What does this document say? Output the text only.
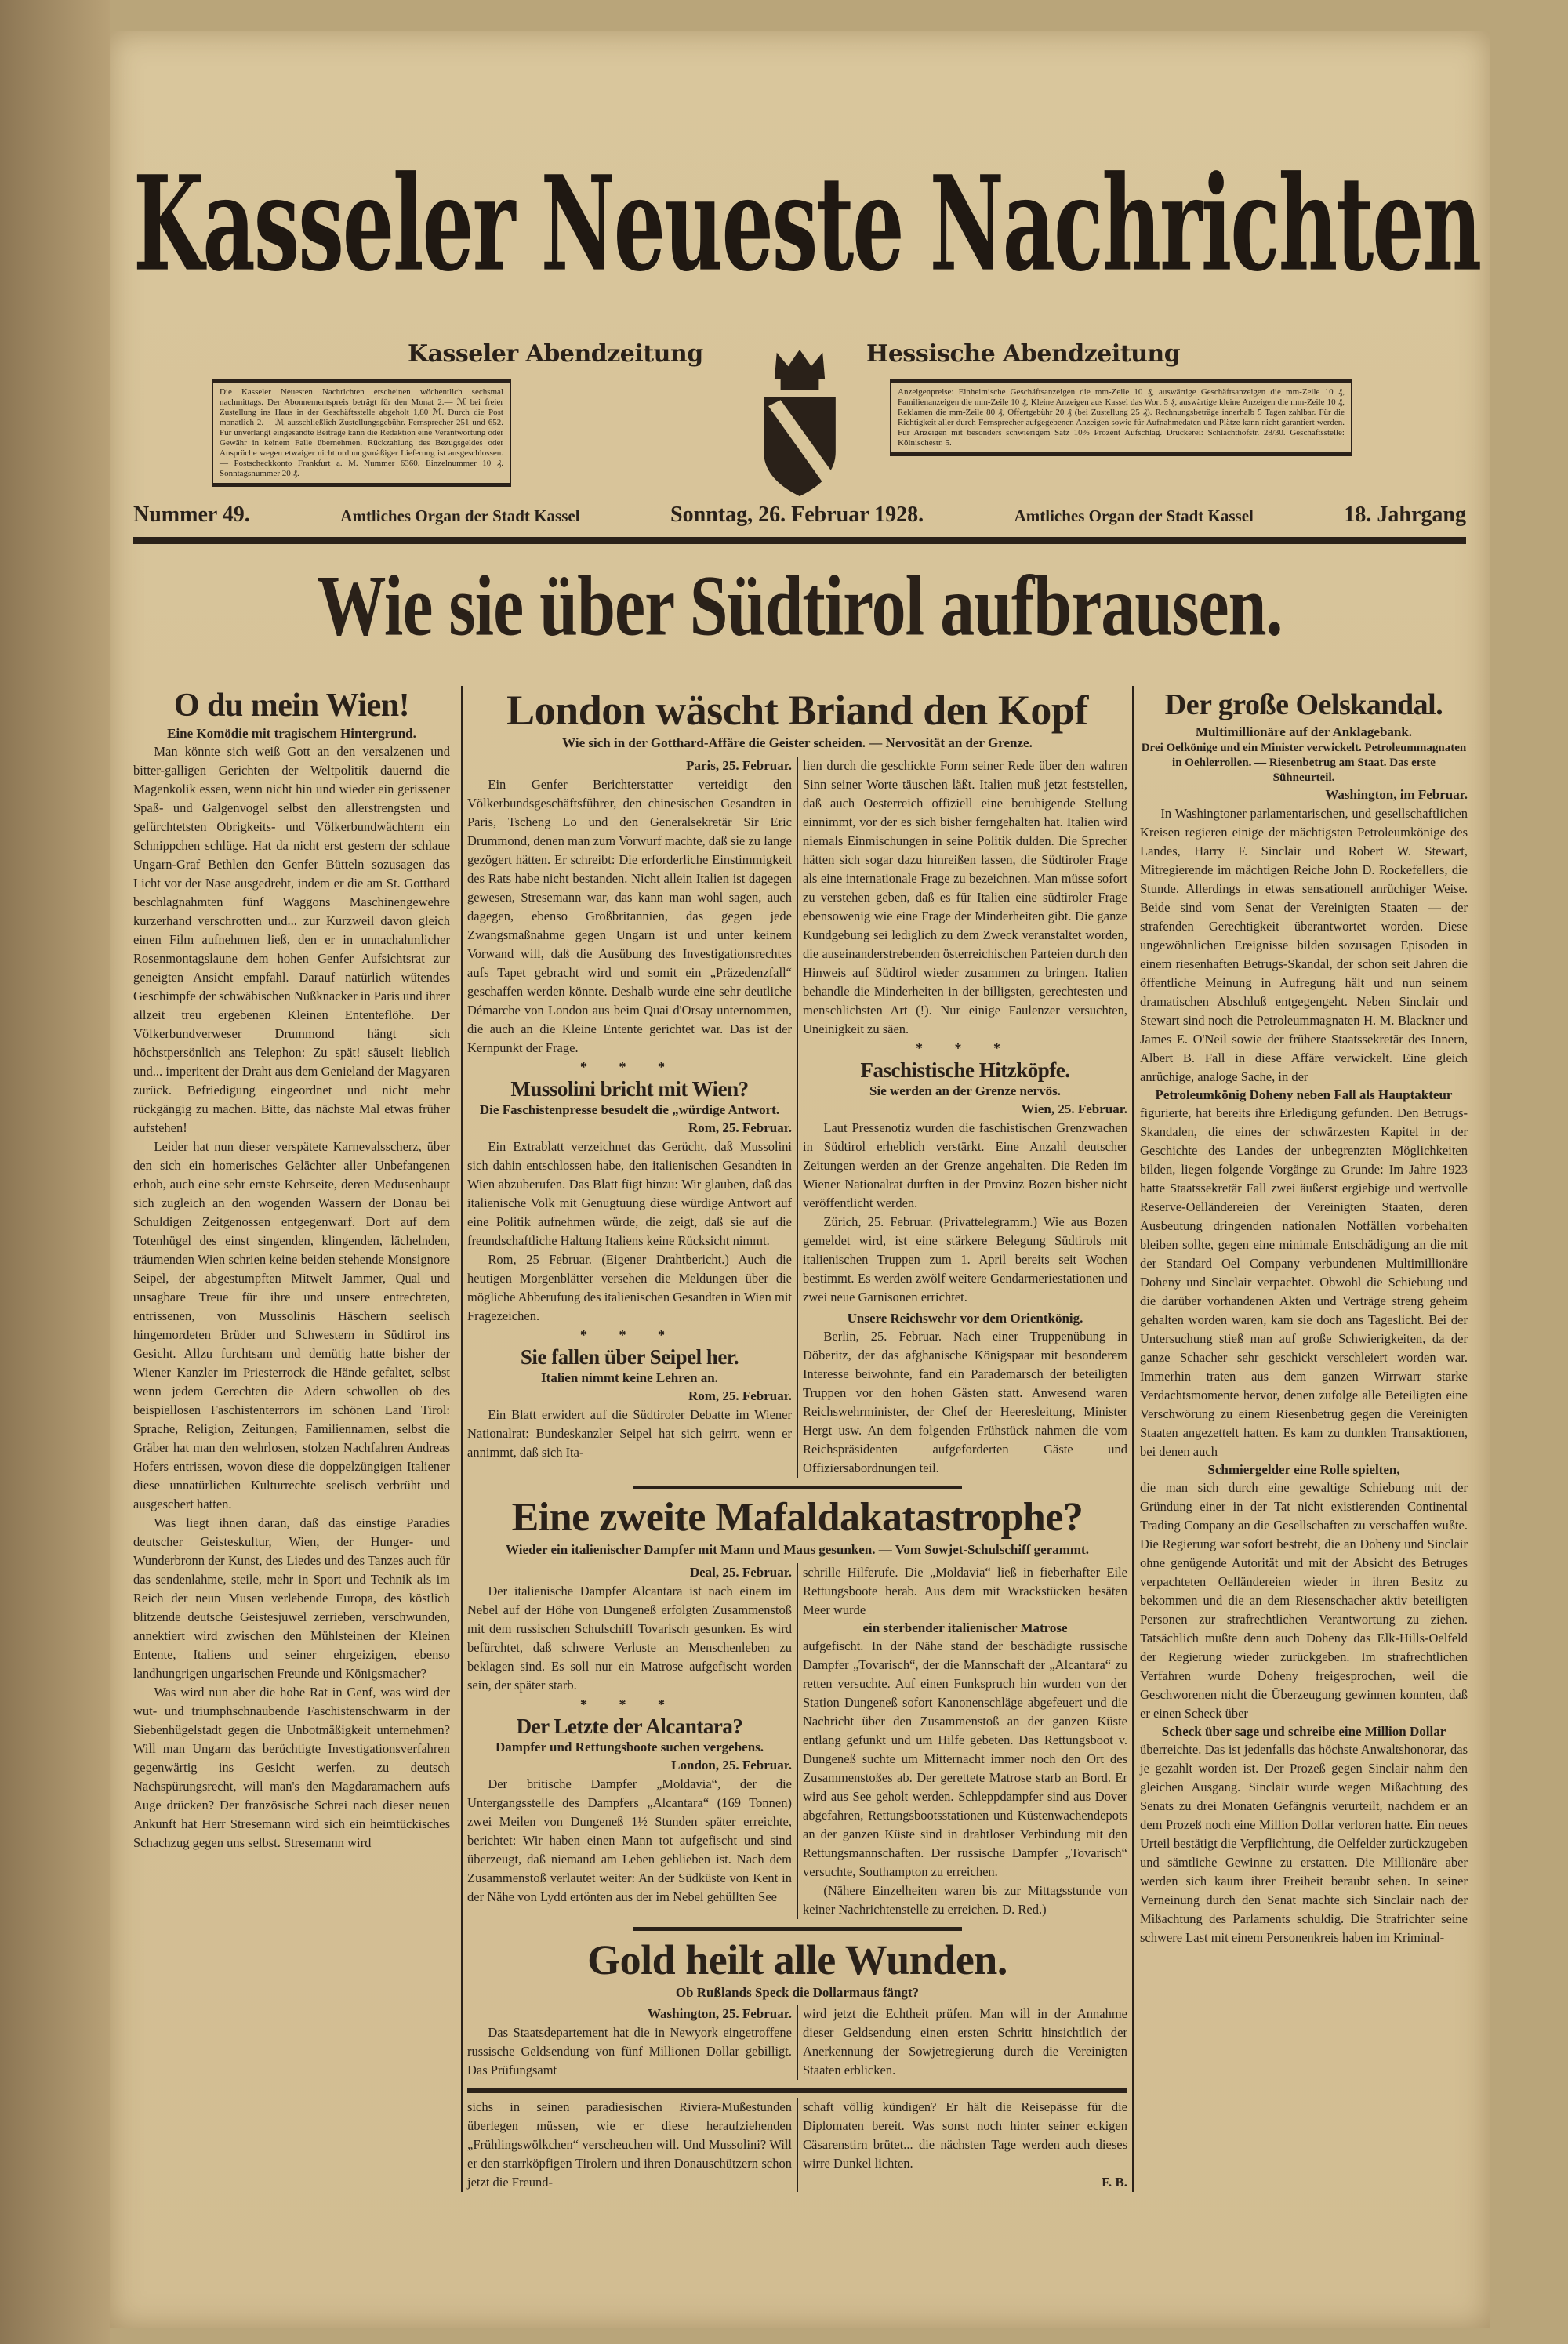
Kasseler Neueste Nachrichten
Kasseler Abendzeitung	Hessische Abendzeitung
Die Kasseler Neuesten Nachrichten erscheinen wöchentlich sechsmal nachmittags. Der Abonnementspreis beträgt für den Monat 2.— ℳ bei freier Zustellung ins Haus in der Geschäftsstelle abgeholt 1,80 ℳ. Durch die Post monatlich 2.— ℳ ausschließlich Zustellungsgebühr. Fernsprecher 251 und 652. Für unverlangt eingesandte Beiträge kann die Redaktion eine Verantwortung oder Gewähr in keinem Falle übernehmen. Rückzahlung des Bezugsgeldes oder Ansprüche wegen etwaiger nicht ordnungsmäßiger Lieferung ist ausgeschlossen. — Postscheckkonto Frankfurt a. M. Nummer 6360. Einzelnummer 10 ₰. Sonntagsnummer 20 ₰.
Anzeigenpreise: Einheimische Geschäftsanzeigen die mm-Zeile 10 ₰, auswärtige Geschäftsanzeigen die mm-Zeile 10 ₰, Familienanzeigen die mm-Zeile 10 ₰, Kleine Anzeigen aus Kassel das Wort 5 ₰, auswärtige kleine Anzeigen die mm-Zeile 10 ₰, Reklamen die mm-Zeile 80 ₰, Offertgebühr 20 ₰ (bei Zustellung 25 ₰). Rechnungsbeträge innerhalb 5 Tagen zahlbar. Für die Richtigkeit aller durch Fernsprecher aufgegebenen Anzeigen sowie für Aufnahmedaten und Plätze kann nicht garantiert werden. Für Anzeigen mit besonders schwierigem Satz 10% Prozent Aufschlag. Druckerei: Schlachthofstr. 28/30. Geschäftsstelle: Kölnischestr. 5.
Nummer 49.	Amtliches Organ der Stadt Kassel	Sonntag, 26. Februar 1928.	Amtliches Organ der Stadt Kassel	18. Jahrgang
Wie sie über Südtirol aufbrausen.
O du mein Wien!
Eine Komödie mit tragischem Hintergrund.

Man könnte sich weiß Gott an den versalzenen und bitter-galligen Gerichten der Weltpolitik dauernd die Magenkolik essen, wenn nicht hin und wieder ein gerissener Spaß- und Galgenvogel selbst den allerstrengsten und gefürchtetsten Obrigkeits- und Völkerbundwächtern ein Schnippchen schlüge. Hat da nicht erst gestern der schlaue Ungarn-Graf Bethlen den Genfer Bütteln sozusagen das Licht vor der Nase ausgedreht, indem er die am St. Gotthard beschlagnahmten fünf Waggons Maschinengewehre kurzerhand verschrotten und... zur Kurzweil davon gleich einen Film aufnehmen ließ, den er in unnachahmlicher Rosenmontagslaune dem hohen Genfer Aufsichtsrat zur geneigten Ansicht empfahl. Darauf natürlich wütendes Geschimpfe der schwäbischen Nußknacker in Paris und ihrer allzeit treu ergebenen Kleinen Ententeflöhe. Der Völkerbundverweser Drummond hängt sich höchstpersönlich ans Telephon: Zu spät! säuselt lieblich und... imperitent der Draht aus dem Genieland der Magyaren zurück. Befriedigung eingeordnet und nicht mehr rückgängig zu machen. Bitte, das nächste Mal etwas früher aufstehen!

Leider hat nun dieser verspätete Karnevalsscherz, über den sich ein homerisches Gelächter aller Unbefangenen erhob, auch eine sehr ernste Kehrseite, deren Medusenhaupt sich zugleich an den wogenden Wassern der Donau bei Schuldigen Zeitgenossen entgegenwarf. Dort auf dem Totenhügel des einst singenden, klingenden, lächelnden, träumenden Wien schrien keine beiden stehende Monsignore Seipel, der abgestumpften Mitwelt Jammer, Qual und unsagbare Treue für ihre und unsere entrechteten, entrissenen, von Mussolinis Häschern seelisch hingemordeten Brüder und Schwestern in Südtirol ins Gesicht. Allzu furchtsam und demütig hatte bisher der Wiener Kanzler im Priesterrock die Hände gefaltet, selbst wenn jedem Gerechten die Adern schwollen ob des beispiellosen Faschistenterrors im schönen Land Tirol: Sprache, Religion, Zeitungen, Familiennamen, selbst die Gräber hat man den wehrlosen, stolzen Nachfahren Andreas Hofers entrissen, wovon diese die doppelzüngigen Italiener diese unnatürlichen Kulturrechte seelisch verbrüht und ausgeschert hatten.

Was liegt ihnen daran, daß das einstige Paradies deutscher Geisteskultur, Wien, der Hunger- und Wunderbronn der Kunst, des Liedes und des Tanzes auch für das sendenlahme, steile, mehr in Sport und Technik als im Reich der neun Musen verlebende Europa, des köstlich blitzende deutsche Geistesjuwel zerrieben, verschwunden, annektiert wird zwischen den Mühlsteinen der Kleinen Entente, Italiens und seiner ehrgeizigen, ebenso landhungrigen ungarischen Freunde und Königsmacher?

Was wird nun aber die hohe Rat in Genf, was wird der wut- und triumphschnaubende Faschistenschwarm in der Siebenhügelstadt gegen die Unbotmäßigkeit unternehmen? Will man Ungarn das berüchtigte Investigationsverfahren gegenwärtig ins Gesicht werfen, zu deutsch Nachspürungsrecht, will man's den Magdaramachern aufs Auge drücken? Der französische Schrei nach dieser neuen Ankunft hat Herr Stresemann wird sich ein heimtückisches Schachzug gegen uns selbst. Stresemann wird

London wäscht Briand den Kopf
Wie sich in der Gotthard-Affäre die Geister scheiden. — Nervosität an der Grenze.
Paris, 25. Februar.

Ein Genfer Berichterstatter verteidigt den Völkerbundsgeschäftsführer, den chinesischen Gesandten in Paris, Tscheng Lo und den Generalsekretär Sir Eric Drummond, denen man zum Vorwurf machte, daß sie zu lange gezögert hätten. Er schreibt: Die erforderliche Einstimmigkeit des Rats habe nicht bestanden. Nicht allein Italien ist dagegen gewesen, Stresemann war, das kann man wohl sagen, auch dagegen, ebenso Großbritannien, das gegen jede Zwangsmaßnahme gegen Ungarn ist und unter keinem Vorwand will, daß die Ausübung des Investigationsrechtes aufs Tapet gebracht wird und somit ein „Präzedenzfall“ geschaffen werden könnte. Deshalb wurde eine sehr deutliche Démarche von London aus beim Quai d'Orsay unternommen, die auch an die Kleine Entente gerichtet war. Das ist der Kernpunkt der Frage.

* * *
Mussolini bricht mit Wien?
Die Faschistenpresse besudelt die „würdige Antwort.
Rom, 25. Februar.

Ein Extrablatt verzeichnet das Gerücht, daß Mussolini sich dahin entschlossen habe, den italienischen Gesandten in Wien abzuberufen. Das Blatt fügt hinzu: Wir glauben, daß das italienische Volk mit Genugtuung diese würdige Antwort auf eine Politik aufnehmen würde, die zeigt, daß sie auf die freundschaftliche Haltung Italiens keine Rücksicht nimmt.

Rom, 25 Februar. (Eigener Drahtbericht.) Auch die heutigen Morgenblätter versehen die Meldungen über die mögliche Abberufung des italienischen Gesandten in Wien mit Fragezeichen.

* * *
Sie fallen über Seipel her.
Italien nimmt keine Lehren an.
Rom, 25. Februar.

Ein Blatt erwidert auf die Südtiroler Debatte im Wiener Nationalrat: Bundeskanzler Seipel hat sich geirrt, wenn er annimmt, daß sich Ita-

lien durch die geschickte Form seiner Rede über den wahren Sinn seiner Worte täuschen läßt. Italien muß jetzt feststellen, daß auch Oesterreich offiziell eine beruhigende Stellung einnimmt, vor der es sich bisher ferngehalten hat. Italien wird niemals Einmischungen in seine Politik dulden. Die Sprecher hätten sich sogar dazu hinreißen lassen, die Südtiroler Frage als eine internationale Frage zu bezeichnen. Man müsse sofort zu verstehen geben, daß es für Italien eine südtiroler Frage ebensowenig wie eine Frage der Minderheiten gibt. Die ganze Kundgebung sei lediglich zu dem Zweck veranstaltet worden, die auseinanderstrebenden österreichischen Parteien durch den Hinweis auf Südtirol wieder zusammen zu bringen. Italien behandle die Minderheiten in der billigsten, gerechtesten und menschlichsten Art (!). Nur einige Faulenzer versuchten, Uneinigkeit zu säen.

* * *
Faschistische Hitzköpfe.
Sie werden an der Grenze nervös.
Wien, 25. Februar.

Laut Pressenotiz wurden die faschistischen Grenzwachen in Südtirol erheblich verstärkt. Eine Anzahl deutscher Zeitungen werden an der Grenze angehalten. Die Reden im Wiener Nationalrat durften in der Provinz Bozen bisher nicht veröffentlicht werden.

Zürich, 25. Februar. (Privattelegramm.) Wie aus Bozen gemeldet wird, ist eine stärkere Belegung Südtirols mit italienischen Truppen zum 1. April bereits seit Wochen bestimmt. Es werden zwölf weitere Gendarmeriestationen und zwei neue Garnisonen errichtet.

Unsere Reichswehr vor dem Orientkönig.

Berlin, 25. Februar. Nach einer Truppenübung in Döberitz, der das afghanische Königspaar mit besonderem Interesse beiwohnte, fand ein Parademarsch der beteiligten Truppen vor den hohen Gästen statt. Anwesend waren Reichswehrminister, der Chef der Heeresleitung, Minister Hergt usw. An dem folgenden Frühstück nahmen die vom Reichspräsidenten aufgeforderten Gäste und Offiziersabordnungen teil.

Eine zweite Mafaldakatastrophe?
Wieder ein italienischer Dampfer mit Mann und Maus gesunken. — Vom Sowjet-Schulschiff gerammt.
Deal, 25. Februar.

Der italienische Dampfer Alcantara ist nach einem im Nebel auf der Höhe von Dungeneß erfolgten Zusammenstoß mit dem russischen Schulschiff Tovarisch gesunken. Es wird befürchtet, daß schwere Verluste an Menschenleben zu beklagen sind. Es soll nur ein Matrose aufgefischt worden sein, der später starb.

* * *
Der Letzte der Alcantara?
Dampfer und Rettungsboote suchen vergebens.
London, 25. Februar.

Der britische Dampfer „Moldavia“, der die Untergangsstelle des Dampfers „Alcantara“ (169 Tonnen) zwei Meilen von Dungeneß 1½ Stunden später erreichte, berichtet: Wir haben einen Mann tot aufgefischt und sind überzeugt, daß niemand am Leben geblieben ist. Nach dem Zusammenstoß verlautet weiter: An der Südküste von Kent in der Nähe von Lydd ertönten aus der im Nebel gehüllten See

schrille Hilferufe. Die „Moldavia“ ließ in fieberhafter Eile Rettungsboote herab. Aus dem mit Wrackstücken besäten Meer wurde

ein sterbender italienischer Matrose

aufgefischt. In der Nähe stand der beschädigte russische Dampfer „Tovarisch“, der die Mannschaft der „Alcantara“ zu retten versuchte. Auf einen Funkspruch hin wurden von der Station Dungeneß sofort Kanonenschläge abgefeuert und die Nachricht über den Zusammenstoß an der ganzen Küste entlang gefunkt und um Hilfe gebeten. Das Rettungsboot v. Dungeneß suchte um Mitternacht immer noch den Ort des Zusammenstoßes ab. Der gerettete Matrose starb an Bord. Er wird aus See geholt werden. Schleppdampfer sind aus Dover abgefahren, Rettungsbootsstationen und Küstenwachendepots an der ganzen Küste sind in drahtloser Verbindung mit den Rettungsmannschaften. Der russische Dampfer „Tovarisch“ versuchte, Southampton zu erreichen.

(Nähere Einzelheiten waren bis zur Mittagsstunde von keiner Nachrichtenstelle zu erreichen. D. Red.)

Gold heilt alle Wunden.
Ob Rußlands Speck die Dollarmaus fängt?
Washington, 25. Februar.

Das Staatsdepartement hat die in Newyork eingetroffene russische Geldsendung von fünf Millionen Dollar gebilligt. Das Prüfungsamt

wird jetzt die Echtheit prüfen. Man will in der Annahme dieser Geldsendung einen ersten Schritt hinsichtlich der Anerkennung der Sowjetregierung durch die Vereinigten Staaten erblicken.

sichs in seinen paradiesischen Riviera-Mußestunden überlegen müssen, wie er diese heraufziehenden „Frühlingswölkchen“ verscheuchen will. Und Mussolini? Will er den starrköpfigen Tirolern und ihren Donauschützern schon jetzt die Freund-

schaft völlig kündigen? Er hält die Reisepässe für die Diplomaten bereit. Was sonst noch hinter seiner eckigen Cäsarenstirn brütet... die nächsten Tage werden auch dieses wirre Dunkel lichten.

F. B.
Der große Oelskandal.
Multimillionäre auf der Anklagebank.
Drei Oelkönige und ein Minister verwickelt. Petroleummagnaten in Oehlerrollen. — Riesenbetrug am Staat. Das erste Sühneurteil.
Washington, im Februar.

In Washingtoner parlamentarischen, und gesellschaftlichen Kreisen regieren einige der mächtigsten Petroleumkönige des Landes, Harry F. Sinclair und Robert W. Stewart, Mitregierende im mächtigen Reiche John D. Rockefellers, die Stunde. Allerdings in etwas sensationell anrüchiger Weise. Beide sind vom Senat der Vereinigten Staaten — der strafenden Gerechtigkeit überantwortet worden. Diese ungewöhnlichen Ereignisse bilden sozusagen Episoden in einem riesenhaften Betrugs-Skandal, der schon seit Jahren die öffentliche Meinung in Aufregung hält und nun seinem dramatischen Abschluß entgegengeht. Neben Sinclair und Stewart sind noch die Petroleummagnaten H. M. Blackner und James E. O'Neil sowie der frühere Staatssekretär des Innern, Albert B. Fall in diese Affäre verwickelt. Eine gleich anrüchige, analoge Sache, in der

Petroleumkönig Doheny neben Fall als Hauptakteur

figurierte, hat bereits ihre Erledigung gefunden. Den Betrugs-Skandalen, die eines der schwärzesten Kapitel in der Geschichte des Landes der unbegrenzten Möglichkeiten bilden, liegen folgende Vorgänge zu Grunde: Im Jahre 1923 hatte Staatssekretär Fall zwei äußerst ergiebige und wertvolle Reserve-Oelländereien der Vereinigten Staaten, deren Ausbeutung dringenden nationalen Notfällen vorbehalten bleiben sollte, gegen eine minimale Entschädigung an die mit der Standard Oel Company verbundenen Multimillionäre Doheny und Sinclair verpachtet. Obwohl die Schiebung und die darüber vorhandenen Akten und Verträge streng geheim gehalten worden waren, kam sie doch ans Tageslicht. Bei der Untersuchung stieß man auf große Schwierigkeiten, da der ganze Schacher sehr geschickt verschleiert worden war. Immerhin traten aus dem ganzen Wirrwarr starke Verdachtsmomente hervor, denen zufolge alle Beteiligten eine Verschwörung zu einem Riesenbetrug gegen die Vereinigten Staaten angezettelt hatten. Es kam zu dunklen Transaktionen, bei denen auch

Schmiergelder eine Rolle spielten,

die man sich durch eine gewaltige Schiebung mit der Gründung einer in der Tat nicht existierenden Continental Trading Company an die Gesellschaften zu verschaffen wußte. Die Regierung war sofort bestrebt, die an Doheny und Sinclair ohne genügende Autorität und mit der Absicht des Betruges verpachteten Oelländereien wieder in ihren Besitz zu bekommen und die an dem Riesenschacher aktiv beteiligten Personen zur strafrechtlichen Verantwortung zu ziehen. Tatsächlich mußte denn auch Doheny das Elk-Hills-Oelfeld der Regierung wieder zurückgeben. Im strafrechtlichen Verfahren wurde Doheny freigesprochen, weil die Geschworenen nicht die Überzeugung gewinnen konnten, daß er einen Scheck über

Scheck über sage und schreibe eine Million Dollar

überreichte. Das ist jedenfalls das höchste Anwaltshonorar, das je gezahlt worden ist. Der Prozeß gegen Sinclair nahm den gleichen Ausgang. Sinclair wurde wegen Mißachtung des Senats zu drei Monaten Gefängnis verurteilt, nachdem er an dem Prozeß noch eine Million Dollar verloren hatte. Ein neues Urteil bestätigt die Verpflichtung, die Oelfelder zurückzugeben und sämtliche Gewinne zu erstatten. Die Millionäre aber werden sich kaum ihrer Freiheit beraubt sehen. In seiner Verneinung durch den Senat machte sich Sinclair nach der Mißachtung des Parlaments schuldig. Die Strafrichter seine schwere Last mit einem Personenkreis haben im Kriminal-
